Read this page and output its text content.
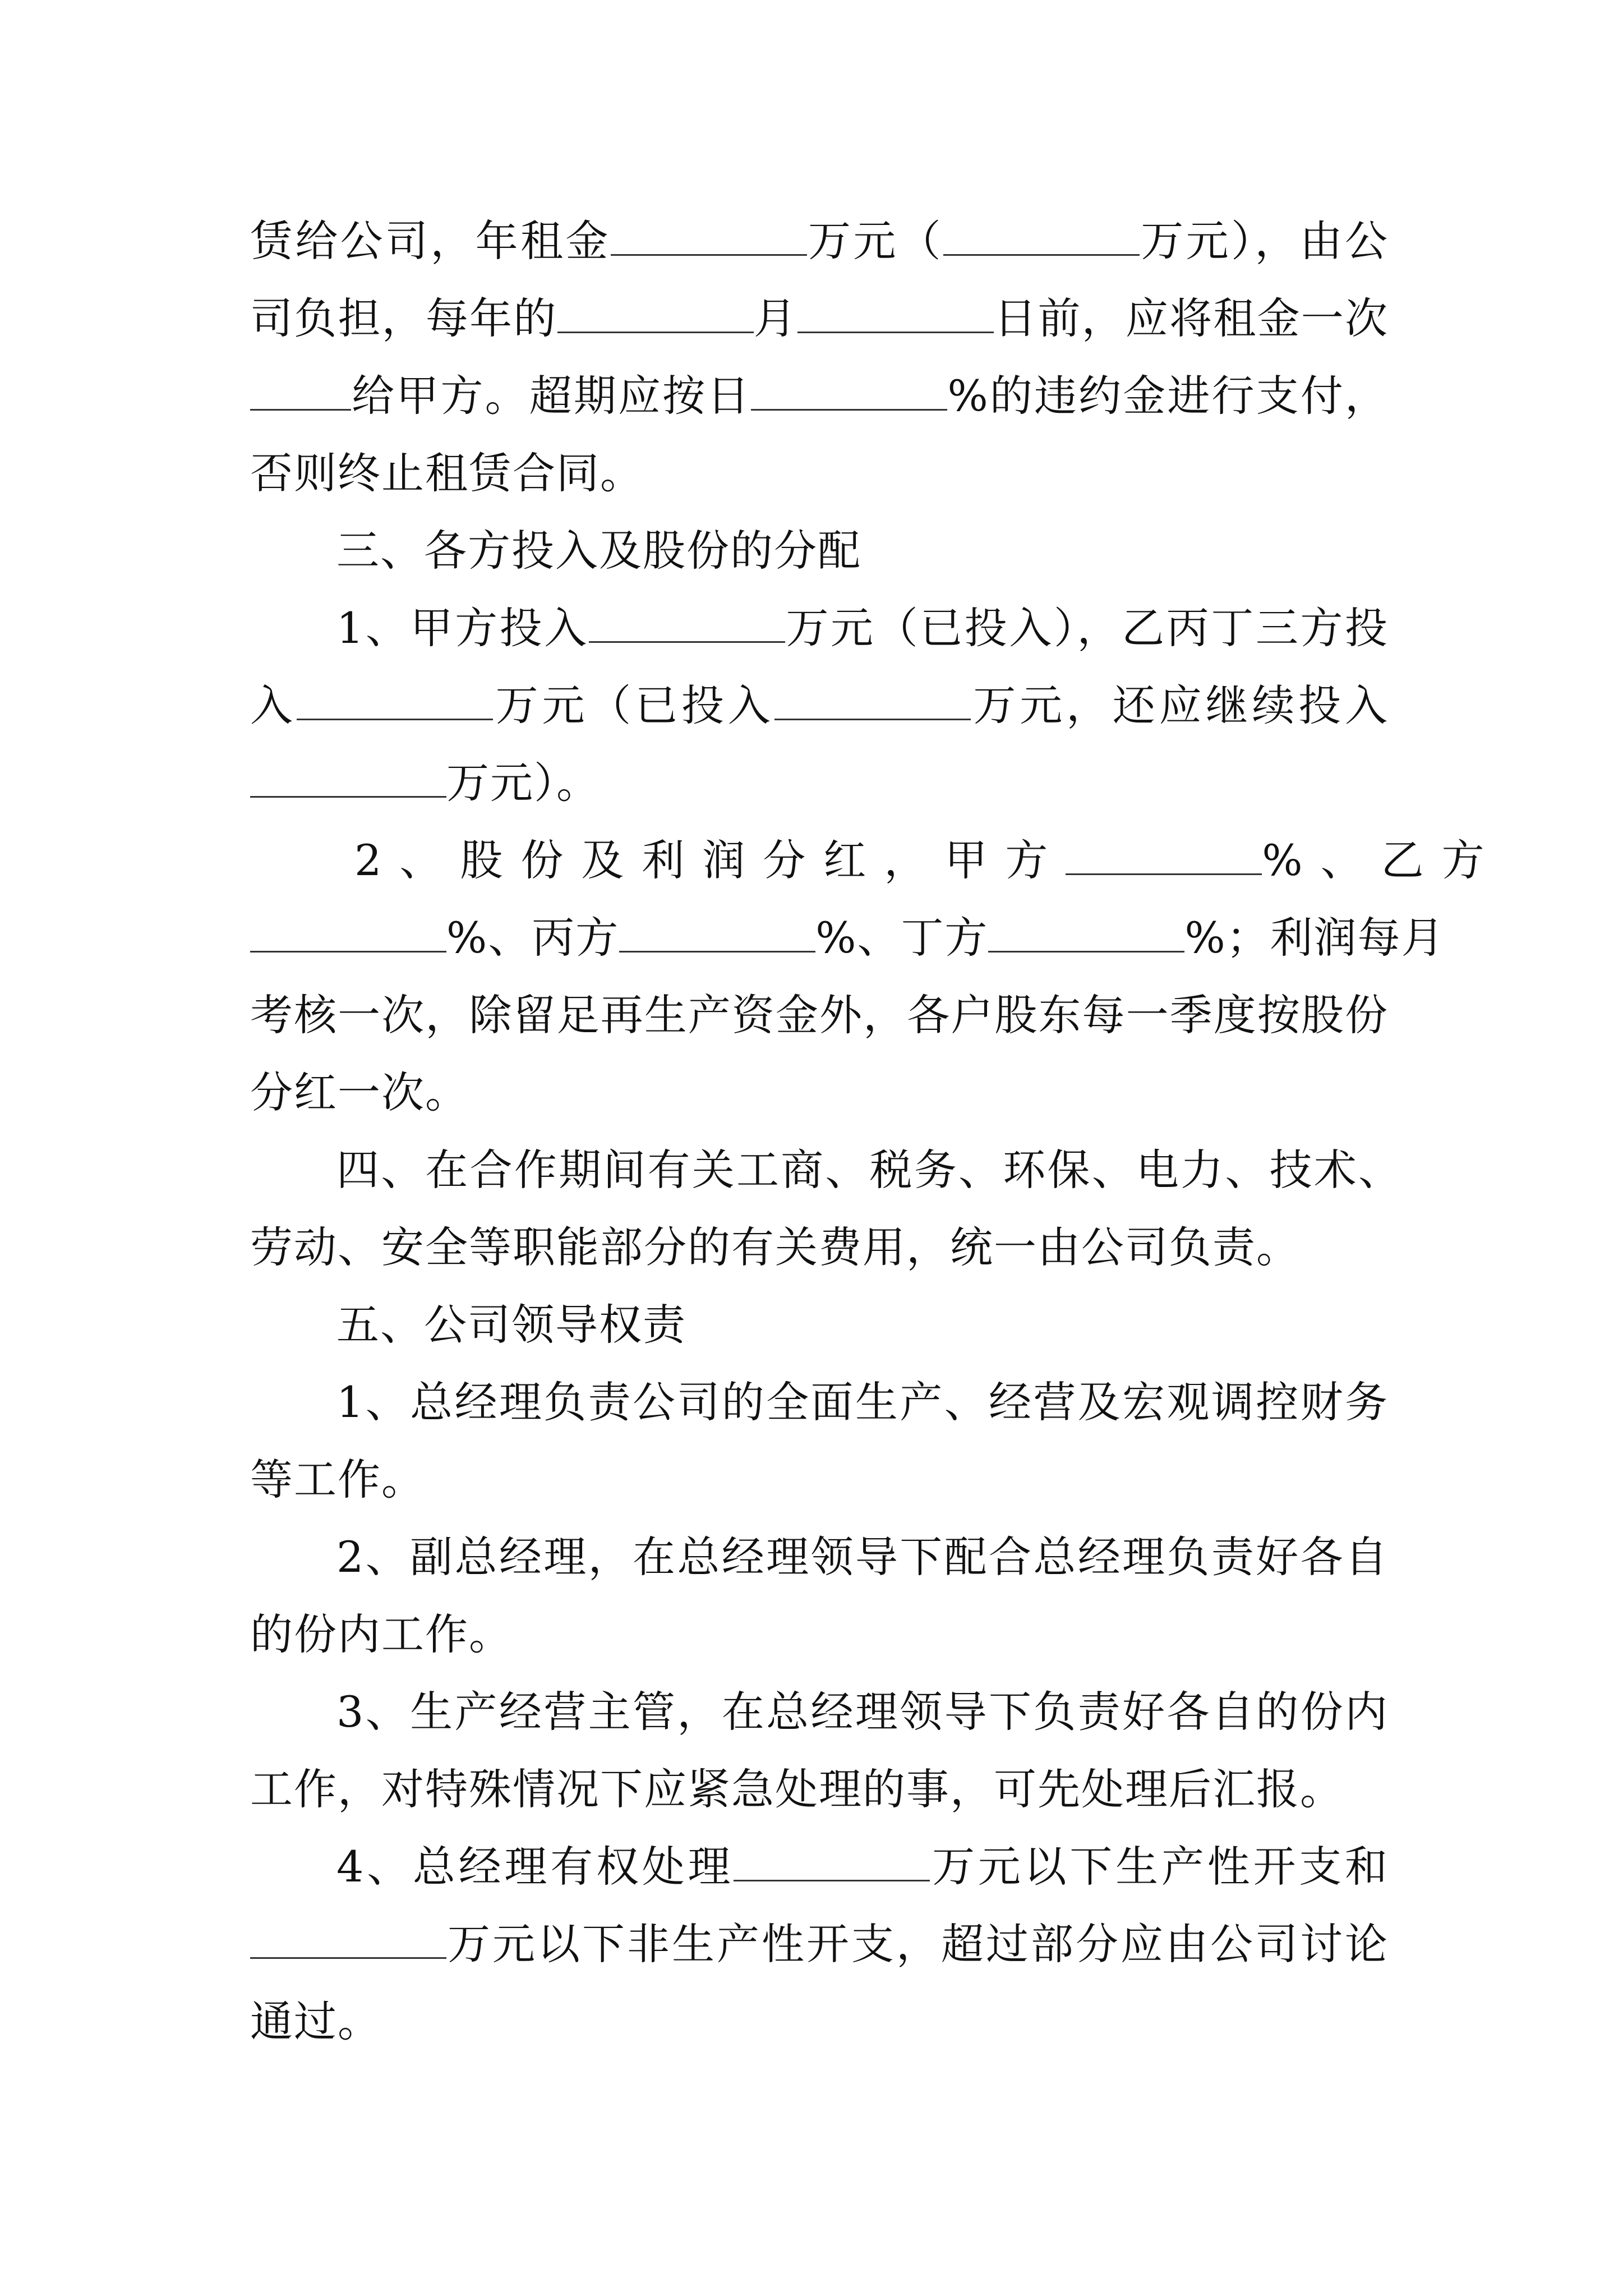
赁给公司，年租金	万元（	万元），由公
司负担，每年的	月	日前，应将租金一次
给甲方。超期应按日	%的违约金进行支付，
否则终止租赁合同。
三、各方投入及股份的分配
1、甲方投入	万元（已投入），乙丙丁三方投
入	万元（已投入	万元，还应继续投入
万元）。
2、股份及利润分红，甲方	%、乙方
%、丙方	%、丁方	%；利润每月
考核一次，除留足再生产资金外，各户股东每一季度按股份
分红一次。
四、在合作期间有关工商、税务、环保、电力、技术、
劳动、安全等职能部分的有关费用，统一由公司负责。
五、公司领导权责
1、总经理负责公司的全面生产、经营及宏观调控财务
等工作。
2、副总经理，在总经理领导下配合总经理负责好各自
的份内工作。
3、生产经营主管，在总经理领导下负责好各自的份内
工作，对特殊情况下应紧急处理的事，可先处理后汇报。
4、总经理有权处理	万元以下生产性开支和
万元以下非生产性开支，超过部分应由公司讨论
通过。
